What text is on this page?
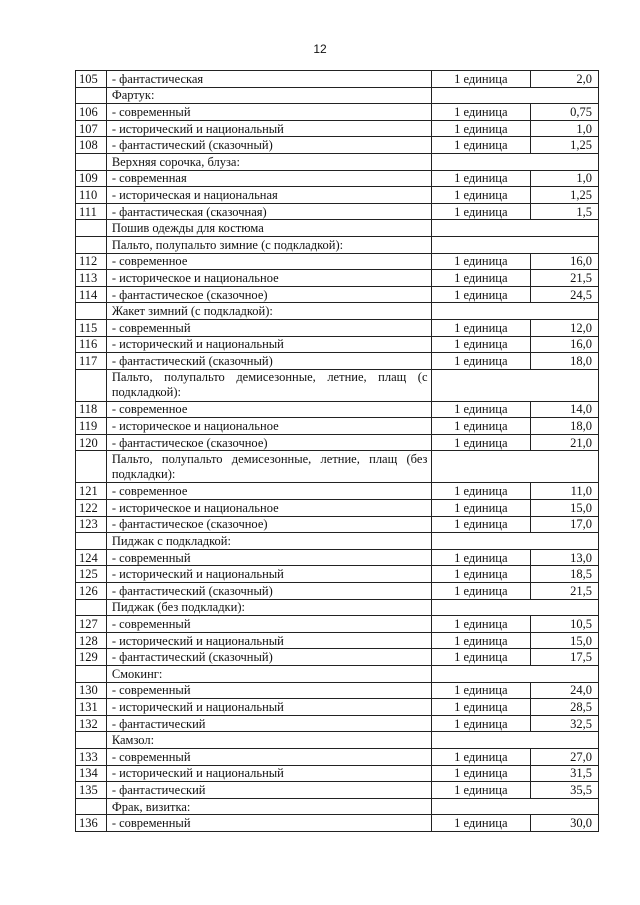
12
105	- фантастическая	1 единица	2,0
	Фартук:		
106	- современный	1 единица	0,75
107	- исторический и национальный	1 единица	1,0
108	- фантастический (сказочный)	1 единица	1,25
	Верхняя сорочка, блуза:		
109	- современная	1 единица	1,0
110	- историческая и национальная	1 единица	1,25
111	- фантастическая (сказочная)	1 единица	1,5
	Пошив одежды для костюма		
	Пальто, полупальто зимние (с подкладкой):		
112	- современное	1 единица	16,0
113	- историческое и национальное	1 единица	21,5
114	- фантастическое (сказочное)	1 единица	24,5
	Жакет зимний (с подкладкой):		
115	- современный	1 единица	12,0
116	- исторический и национальный	1 единица	16,0
117	- фантастический (сказочный)	1 единица	18,0
	Пальто, полупальто демисезонные, летние, плащ (с подкладкой):		
118	- современное	1 единица	14,0
119	- историческое и национальное	1 единица	18,0
120	- фантастическое (сказочное)	1 единица	21,0
	Пальто, полупальто демисезонные, летние, плащ (без подкладки):		
121	- современное	1 единица	11,0
122	- историческое и национальное	1 единица	15,0
123	- фантастическое (сказочное)	1 единица	17,0
	Пиджак с подкладкой:		
124	- современный	1 единица	13,0
125	- исторический и национальный	1 единица	18,5
126	- фантастический (сказочный)	1 единица	21,5
	Пиджак (без подкладки):		
127	- современный	1 единица	10,5
128	- исторический и национальный	1 единица	15,0
129	- фантастический (сказочный)	1 единица	17,5
	Смокинг:		
130	- современный	1 единица	24,0
131	- исторический и национальный	1 единица	28,5
132	- фантастический	1 единица	32,5
	Камзол:		
133	- современный	1 единица	27,0
134	- исторический и национальный	1 единица	31,5
135	- фантастический	1 единица	35,5
	Фрак, визитка:		
136	- современный	1 единица	30,0
